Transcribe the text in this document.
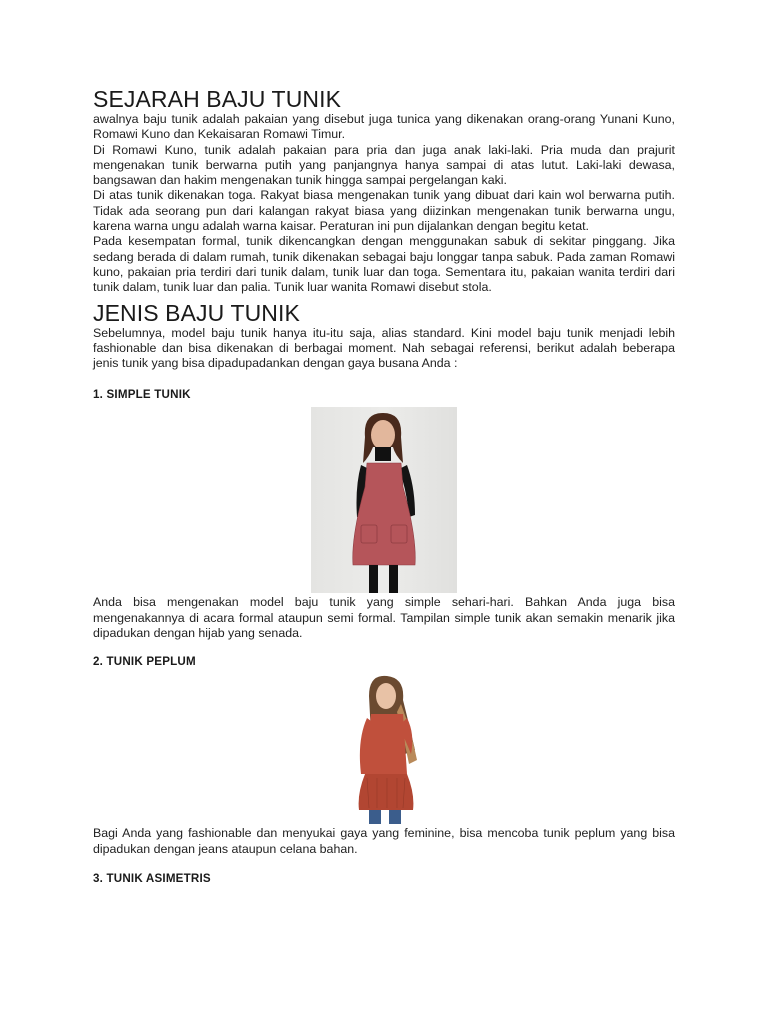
SEJARAH BAJU TUNIK

awalnya baju tunik adalah pakaian yang disebut juga tunica yang dikenakan orang-orang Yunani Kuno, Romawi Kuno dan Kekaisaran Romawi Timur.

Di Romawi Kuno, tunik adalah pakaian para pria dan juga anak laki-laki. Pria muda dan prajurit mengenakan tunik berwarna putih yang panjangnya hanya sampai di atas lutut. Laki-laki dewasa, bangsawan dan hakim mengenakan tunik hingga sampai pergelangan kaki.

Di atas tunik dikenakan toga. Rakyat biasa mengenakan tunik yang dibuat dari kain wol berwarna putih. Tidak ada seorang pun dari kalangan rakyat biasa yang diizinkan mengenakan tunik berwarna ungu, karena warna ungu adalah warna kaisar. Peraturan ini pun dijalankan dengan begitu ketat.

Pada kesempatan formal, tunik dikencangkan dengan menggunakan sabuk di sekitar pinggang. Jika sedang berada di dalam rumah, tunik dikenakan sebagai baju longgar tanpa sabuk. Pada zaman Romawi kuno, pakaian pria terdiri dari tunik dalam, tunik luar dan toga. Sementara itu, pakaian wanita terdiri dari tunik dalam, tunik luar dan palia. Tunik luar wanita Romawi disebut stola.

JENIS BAJU TUNIK

Sebelumnya, model baju tunik hanya itu-itu saja, alias standard. Kini model baju tunik menjadi lebih fashionable dan bisa dikenakan di berbagai moment. Nah sebagai referensi, berikut adalah beberapa jenis tunik yang bisa dipadupadankan dengan gaya busana Anda :

1. SIMPLE TUNIK

Anda bisa mengenakan model baju tunik yang simple sehari-hari. Bahkan Anda juga bisa mengenakannya di acara formal ataupun semi formal. Tampilan simple tunik akan semakin menarik jika dipadukan dengan hijab yang senada.

2. TUNIK PEPLUM

Bagi Anda yang fashionable dan menyukai gaya yang feminine, bisa mencoba tunik peplum yang bisa dipadukan dengan jeans ataupun celana bahan.

3. TUNIK ASIMETRIS
